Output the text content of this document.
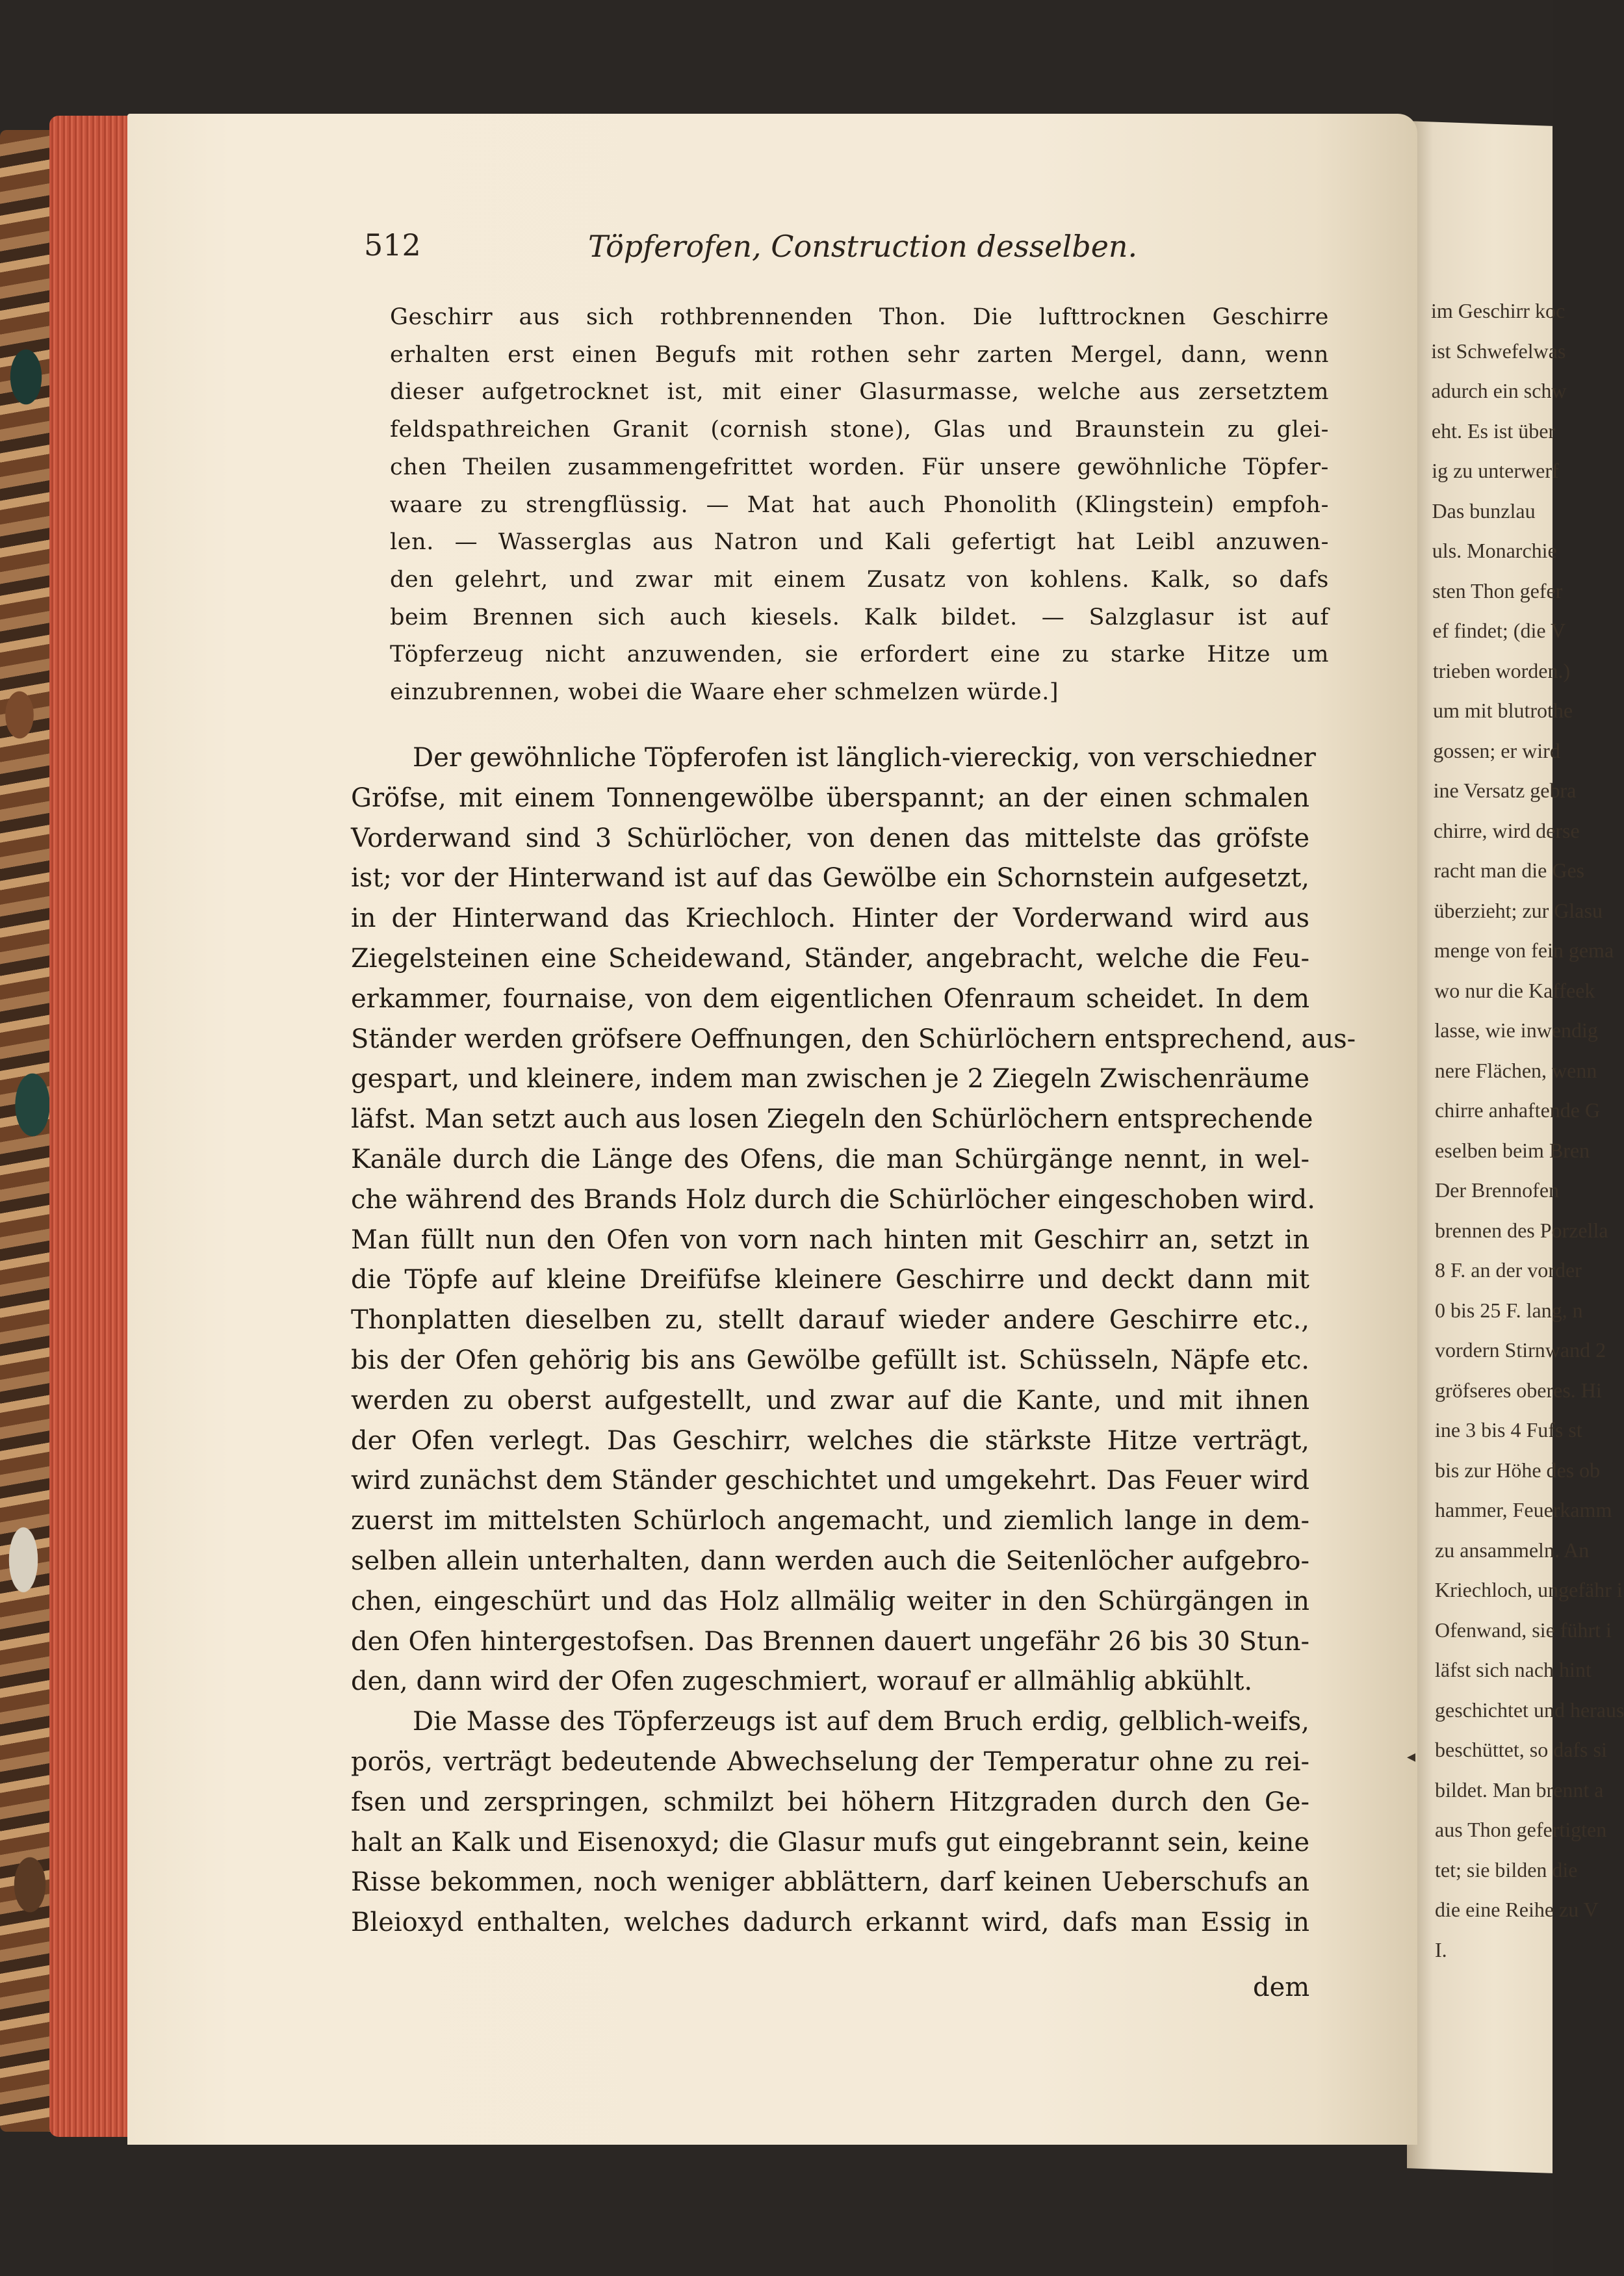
512	Töpferofen, Construction desselben.
Geschirr aus sich rothbrennenden Thon. Die lufttrocknen Geschirre
erhalten erst einen Begufs mit rothen sehr zarten Mergel, dann, wenn
dieser aufgetrocknet ist, mit einer Glasurmasse, welche aus zersetztem
feldspathreichen Granit (cornish stone), Glas und Braunstein zu glei-
chen Theilen zusammengefrittet worden. Für unsere gewöhnliche Töpfer-
waare zu strengflüssig. — Mat hat auch Phonolith (Klingstein) empfoh-
len. — Wasserglas aus Natron und Kali gefertigt hat Leibl anzuwen-
den gelehrt, und zwar mit einem Zusatz von kohlens. Kalk, so dafs
beim Brennen sich auch kiesels. Kalk bildet. — Salzglasur ist auf
Töpferzeug nicht anzuwenden, sie erfordert eine zu starke Hitze um
einzubrennen, wobei die Waare eher schmelzen würde.]
Der gewöhnliche Töpferofen ist länglich-viereckig, von verschiedner
Gröfse, mit einem Tonnengewölbe überspannt; an der einen schmalen
Vorderwand sind 3 Schürlöcher, von denen das mittelste das gröfste
ist; vor der Hinterwand ist auf das Gewölbe ein Schornstein aufgesetzt,
in der Hinterwand das Kriechloch. Hinter der Vorderwand wird aus
Ziegelsteinen eine Scheidewand, Ständer, angebracht, welche die Feu-
erkammer, fournaise, von dem eigentlichen Ofenraum scheidet. In dem
Ständer werden gröfsere Oeffnungen, den Schürlöchern entsprechend, aus-
gespart, und kleinere, indem man zwischen je 2 Ziegeln Zwischenräume
läfst. Man setzt auch aus losen Ziegeln den Schürlöchern entsprechende
Kanäle durch die Länge des Ofens, die man Schürgänge nennt, in wel-
che während des Brands Holz durch die Schürlöcher eingeschoben wird.
Man füllt nun den Ofen von vorn nach hinten mit Geschirr an, setzt in
die Töpfe auf kleine Dreifüfse kleinere Geschirre und deckt dann mit
Thonplatten dieselben zu, stellt darauf wieder andere Geschirre etc.,
bis der Ofen gehörig bis ans Gewölbe gefüllt ist. Schüsseln, Näpfe etc.
werden zu oberst aufgestellt, und zwar auf die Kante, und mit ihnen
der Ofen verlegt. Das Geschirr, welches die stärkste Hitze verträgt,
wird zunächst dem Ständer geschichtet und umgekehrt. Das Feuer wird
zuerst im mittelsten Schürloch angemacht, und ziemlich lange in dem-
selben allein unterhalten, dann werden auch die Seitenlöcher aufgebro-
chen, eingeschürt und das Holz allmälig weiter in den Schürgängen in
den Ofen hintergestofsen. Das Brennen dauert ungefähr 26 bis 30 Stun-
den, dann wird der Ofen zugeschmiert, worauf er allmählig abkühlt.
Die Masse des Töpferzeugs ist auf dem Bruch erdig, gelblich-weifs,
porös, verträgt bedeutende Abwechselung der Temperatur ohne zu rei-
fsen und zerspringen, schmilzt bei höhern Hitzgraden durch den Ge-
halt an Kalk und Eisenoxyd; die Glasur mufs gut eingebrannt sein, keine
Risse bekommen, noch weniger abblättern, darf keinen Ueberschufs an
Bleioxyd enthalten, welches dadurch erkannt wird, dafs man Essig in
dem
im Geschirr koc
ist Schwefelwas
adurch ein schw
eht. Es ist über
ig zu unterwerf
Das bunzlau
uls. Monarchie
sten Thon gefer
ef findet; (die V
trieben worden.)
um mit blutrothe
gossen; er wird
ine Versatz gebra
chirre, wird derse
racht man die Ges
überzieht; zur Glasu
menge von fein gema
wo nur die Kaffeek
lasse, wie inwendig
nere Flächen, wenn
chirre anhaftende G
eselben beim Bren
Der Brennofen
brennen des Porzella
8 F. an der vorder
0 bis 25 F. lang, n
vordern Stirnwand 2
gröfseres oberes. Hi
ine 3 bis 4 Fufs st
bis zur Höhe des ob
hammer, Feuerkamm
zu ansammeln. An
Kriechloch, ungefähr i
Ofenwand, sie führt i
läfst sich nach hint
geschichtet und heraus
beschüttet, so dafs si
bildet. Man brennt a
aus Thon gefertigten
tet; sie bilden die
die eine Reihe zu V
I.
◂
